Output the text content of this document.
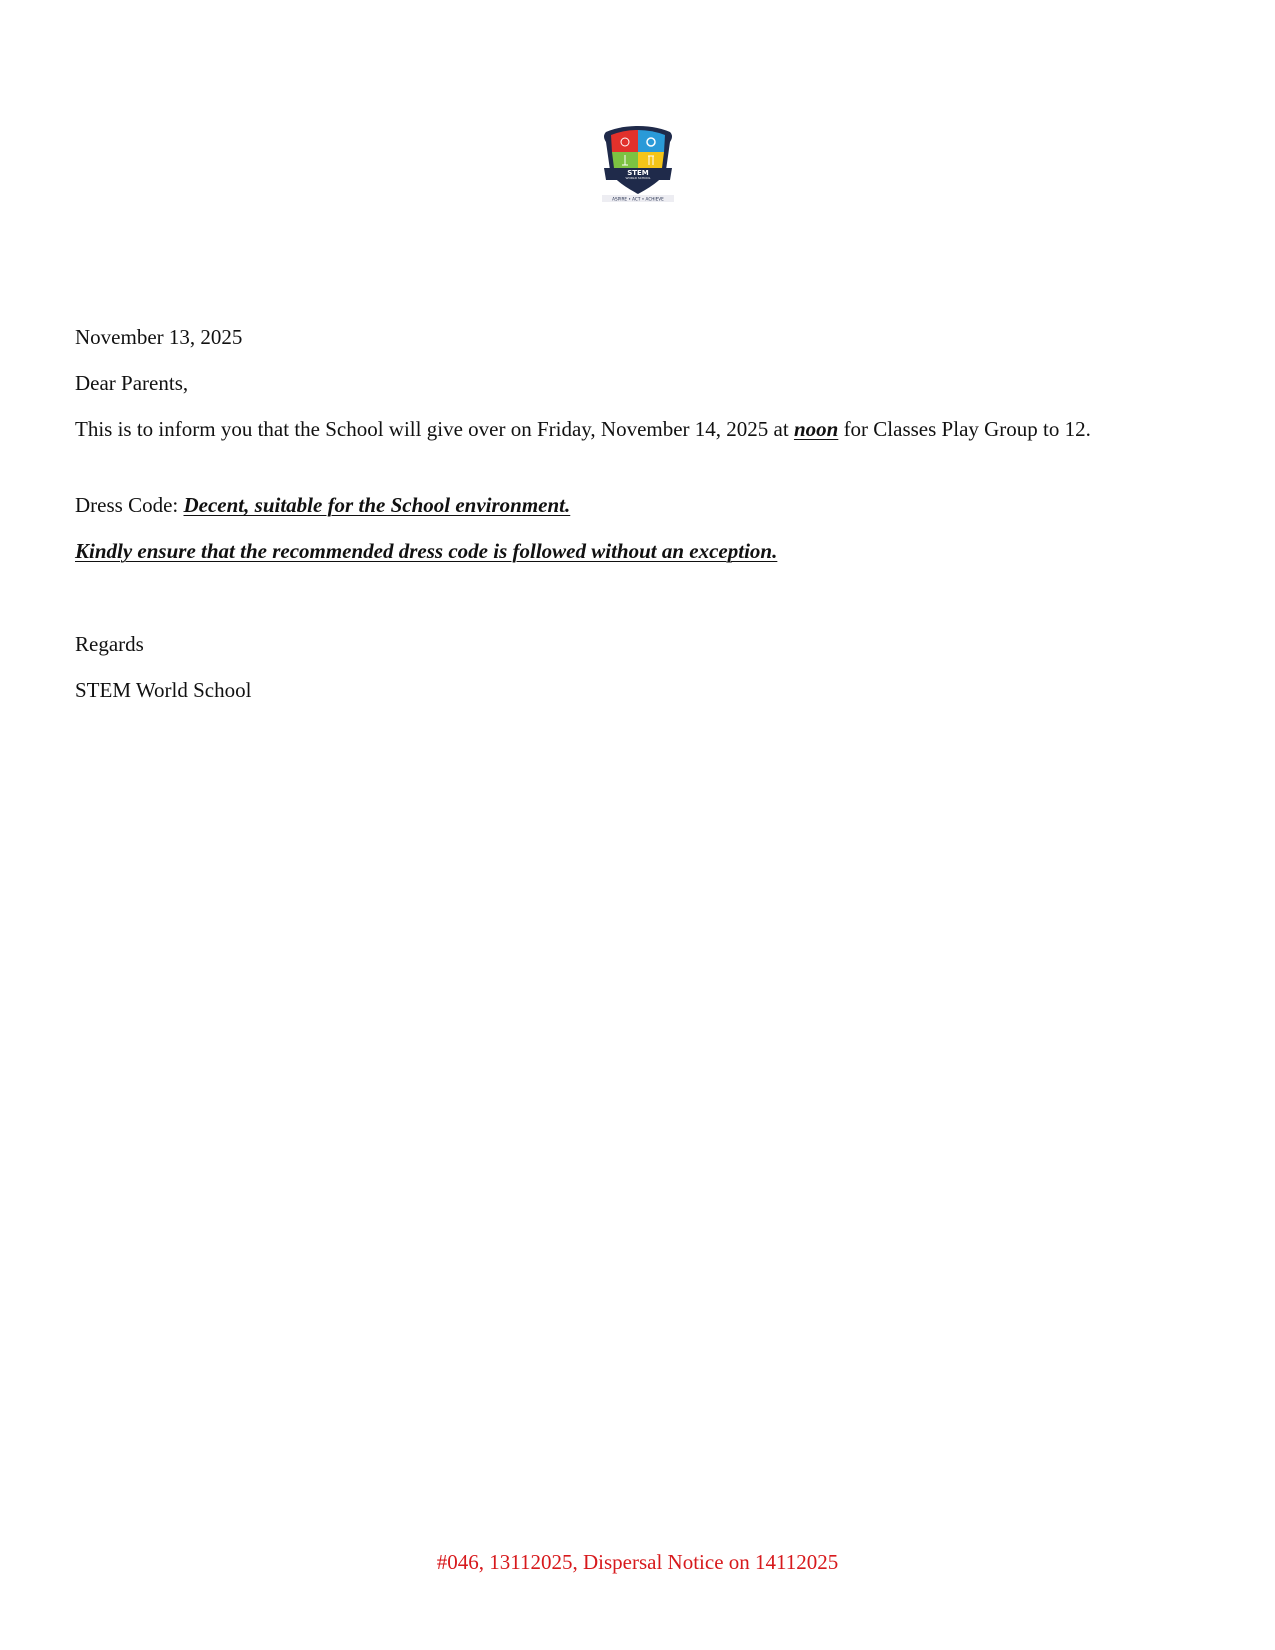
STEM
WORLD SCHOOL
ASPIRE • ACT • ACHIEVE
November 13, 2025
Dear Parents,
This is to inform you that the School will give over on Friday, November 14, 2025 at noon for Classes Play Group to 12.
Dress Code: Decent, suitable for the School environment.
Kindly ensure that the recommended dress code is followed without an exception.
Regards
STEM World School
#046, 13112025, Dispersal Notice on 14112025
